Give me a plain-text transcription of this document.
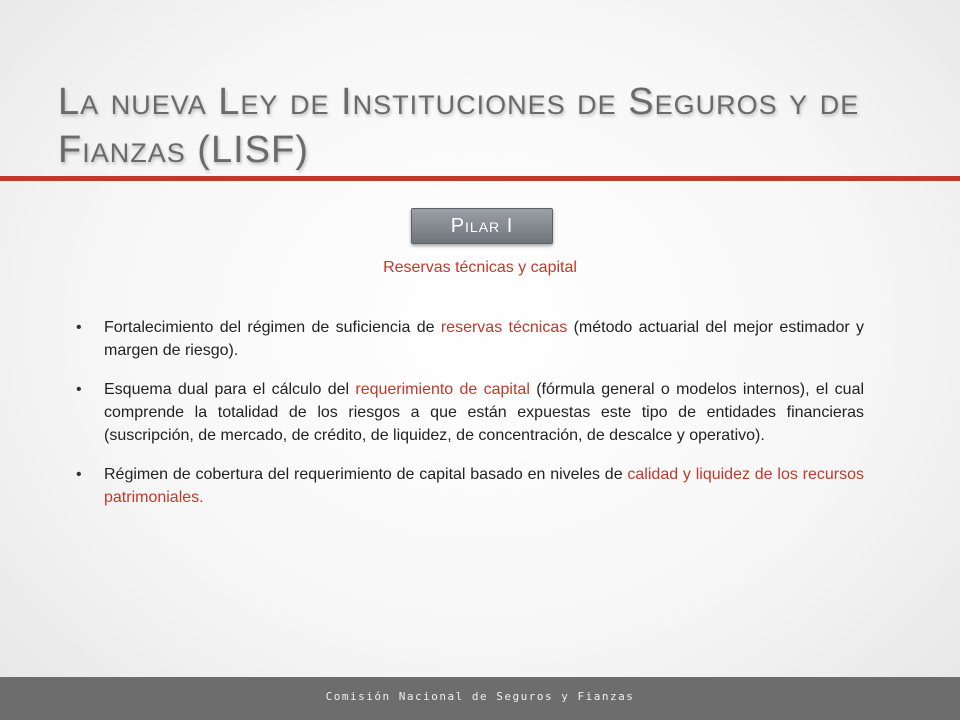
La nueva Ley de Instituciones de Seguros y de
Fianzas (LISF)
Pilar I
Reservas técnicas y capital
• Fortalecimiento del régimen de suficiencia de reservas técnicas (método actuarial del mejor estimador y margen de riesgo).
• Esquema dual para el cálculo del requerimiento de capital (fórmula general o modelos internos), el cual comprende la totalidad de los riesgos a que están expuestas este tipo de entidades financieras (suscripción, de mercado, de crédito, de liquidez, de concentración, de descalce y operativo).
• Régimen de cobertura del requerimiento de capital basado en niveles de calidad y liquidez de los recursos patrimoniales.
Comisión Nacional de Seguros y Fianzas
